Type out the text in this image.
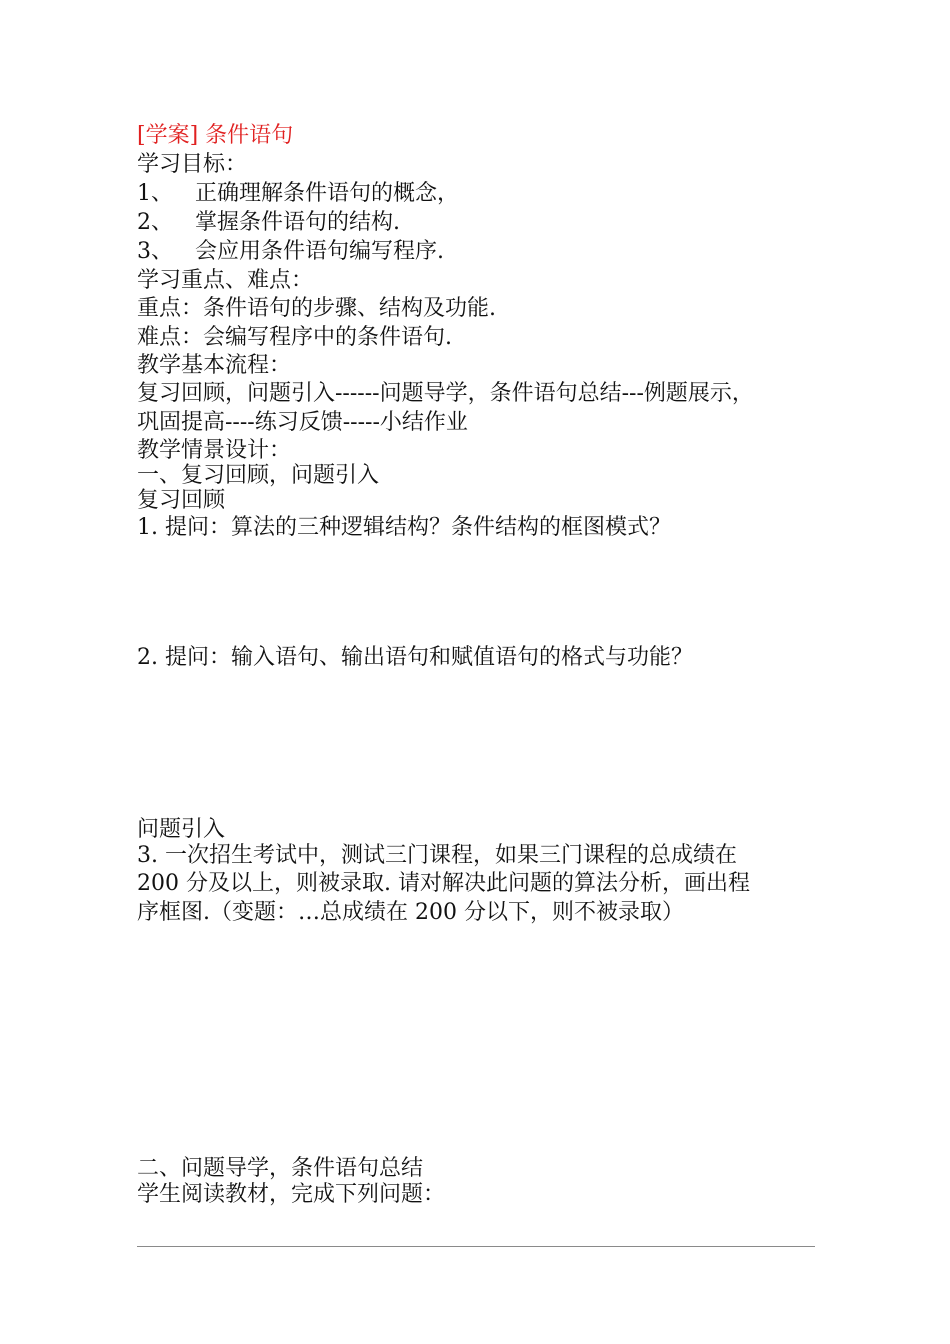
[学案] 条件语句
学习目标：
1、 正确理解条件语句的概念，
2、 掌握条件语句的结构.
3、 会应用条件语句编写程序.
学习重点、难点：
重点：条件语句的步骤、结构及功能.
难点：会编写程序中的条件语句.
教学基本流程：
复习回顾，问题引入------问题导学，条件语句总结---例题展示，
巩固提高----练习反馈-----小结作业
教学情景设计：
一、复习回顾，问题引入
复习回顾
1. 提问：算法的三种逻辑结构？条件结构的框图模式？
2. 提问：输入语句、输出语句和赋值语句的格式与功能？
问题引入
3. 一次招生考试中，测试三门课程，如果三门课程的总成绩在
200 分及以上，则被录取. 请对解决此问题的算法分析，画出程
序框图.（变题：…总成绩在 200 分以下，则不被录取）
二、问题导学，条件语句总结
学生阅读教材，完成下列问题：
